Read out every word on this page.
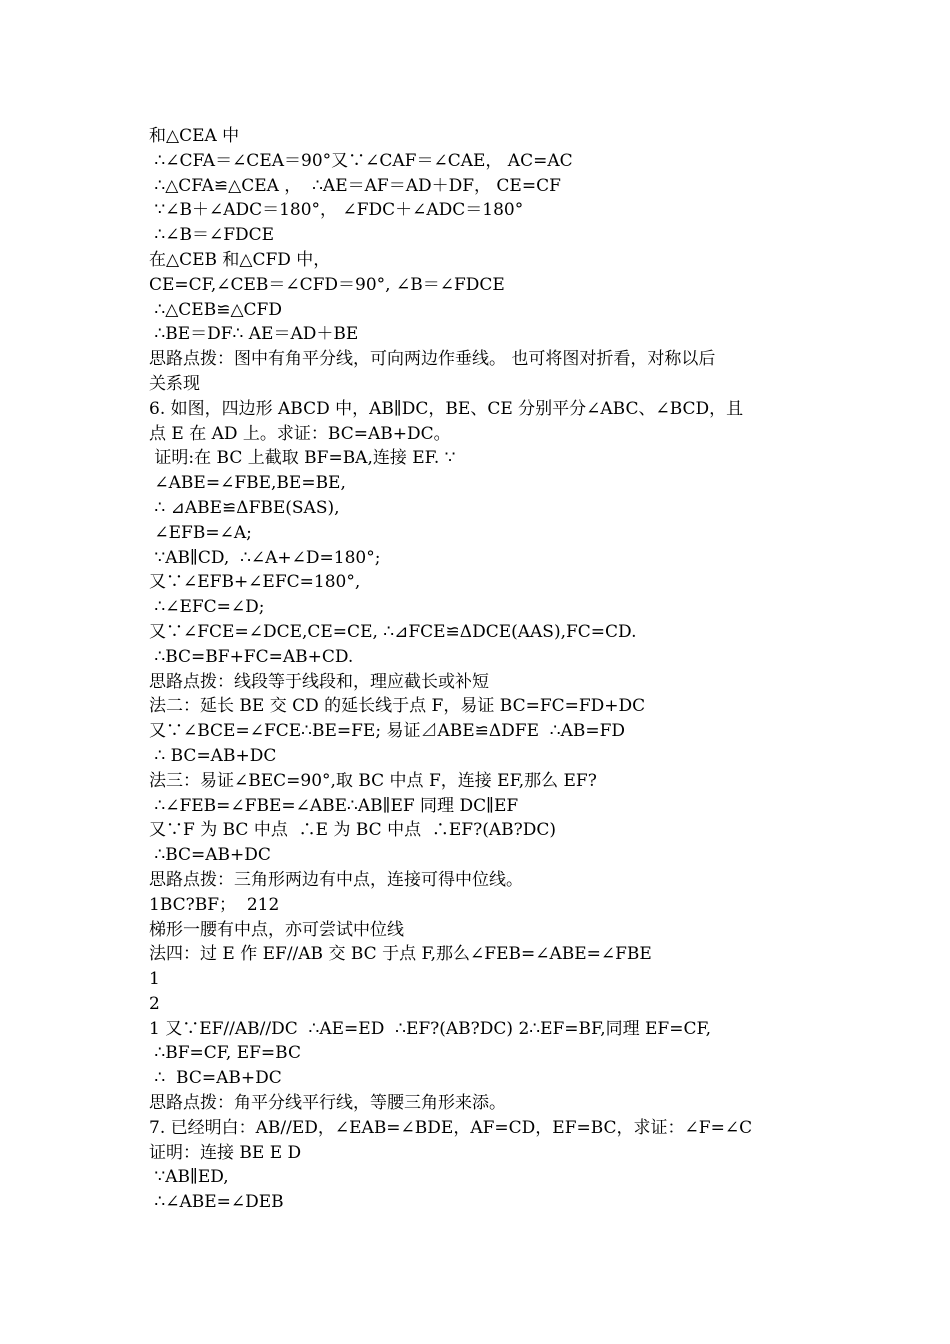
和△CEA 中
∴∠CFA＝∠CEA＝90°又∵∠CAF＝∠CAE， AC=AC
∴△CFA≌△CEA ，  ∴AE＝AF＝AD＋DF， CE=CF
∵∠B＋∠ADC＝180°， ∠FDC＋∠ADC＝180°
∴∠B＝∠FDCE
在△CEB 和△CFD 中，
CE=CF,∠CEB＝∠CFD＝90°, ∠B＝∠FDCE
∴△CEB≌△CFD
∴BE＝DF∴ AE＝AD＋BE
思路点拨：图中有角平分线，可向两边作垂线。 也可将图对折看，对称以后
关系现
6. 如图，四边形 ABCD 中，AB∥DC，BE、CE 分别平分∠ABC、∠BCD，且
点 E 在 AD 上。求证：BC=AB+DC。
证明:在 BC 上截取 BF=BA,连接 EF. ∵
∠ABE=∠FBE,BE=BE,
∴ ⊿ABE≌ΔFBE(SAS),
∠EFB=∠A;
∵AB∥CD,  ∴∠A+∠D=180°;
又∵∠EFB+∠EFC=180°,
∴∠EFC=∠D;
又∵∠FCE=∠DCE,CE=CE, ∴⊿FCE≌ΔDCE(AAS),FC=CD.
∴BC=BF+FC=AB+CD.
思路点拨：线段等于线段和，理应截长或补短
法二：延长 BE 交 CD 的延长线于点 F，易证 BC=FC=FD+DC
又∵∠BCE=∠FCE∴BE=FE; 易证⊿ABE≌ΔDFE  ∴AB=FD
∴ BC=AB+DC
法三：易证∠BEC=90°,取 BC 中点 F，连接 EF,那么 EF?
∴∠FEB=∠FBE=∠ABE∴AB∥EF 同理 DC∥EF
又∵F 为 BC 中点  ∴E 为 BC 中点  ∴EF?(AB?DC)
∴BC=AB+DC
思路点拨：三角形两边有中点，连接可得中位线。
1BC?BF；  212
梯形一腰有中点，亦可尝试中位线
法四：过 E 作 EF//AB 交 BC 于点 F,那么∠FEB=∠ABE=∠FBE
1
2
1 又∵EF//AB//DC  ∴AE=ED  ∴EF?(AB?DC) 2∴EF=BF,同理 EF=CF,
∴BF=CF, EF=BC
∴  BC=AB+DC
思路点拨：角平分线平行线，等腰三角形来添。
7. 已经明白：AB//ED，∠EAB=∠BDE，AF=CD，EF=BC，求证：∠F=∠C
证明：连接 BE E D
∵AB∥ED,
∴∠ABE=∠DEB
